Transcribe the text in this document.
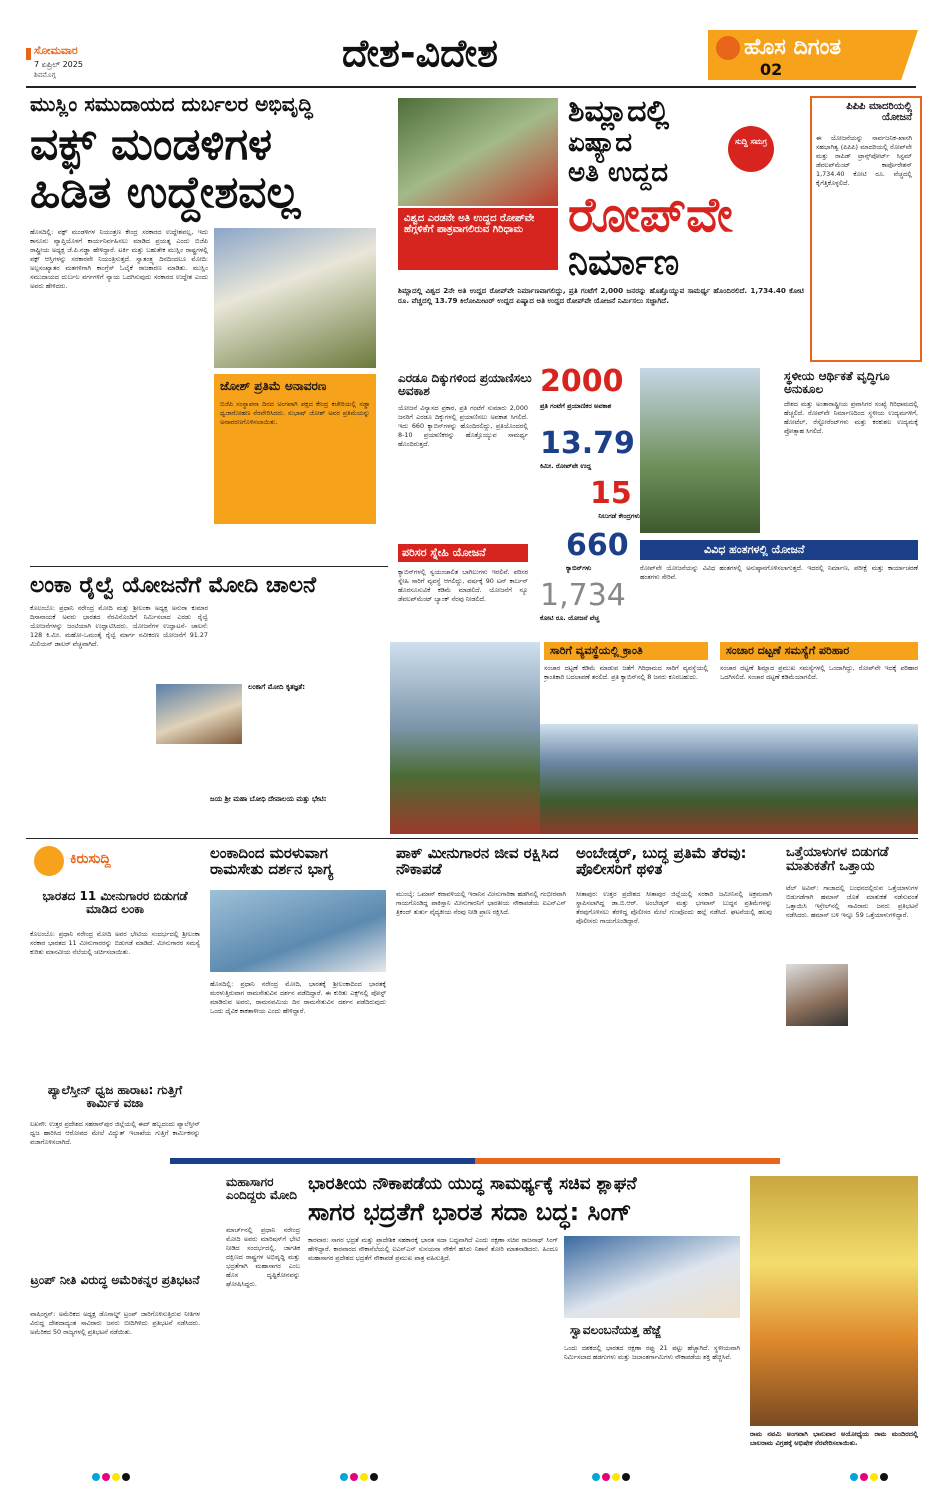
ಸೋಮವಾರ
7 ಏಪ್ರಿಲ್ 2025
ಶಿವಮೊಗ್ಗ	ದೇಶ-ವಿದೇಶ	ಹೊಸ ದಿಗಂತ
02
ಮುಸ್ಲಿಂ ಸಮುದಾಯದ ದುರ್ಬಲರ ಅಭಿವೃದ್ಧಿ
ವಕ್ಫ್ ಮಂಡಳಿಗಳ
ಹಿಡಿತ ಉದ್ದೇಶವಲ್ಲ
ಹೊಸದಿಲ್ಲಿ: ವಕ್ಫ್ ಮಂಡಳಿಗಳ ನಿಯಂತ್ರಣ ಕೇಂದ್ರ ಸರಕಾರದ ಉದ್ದೇಶವಲ್ಲ, ಇದು ಕಾನೂನು ವ್ಯಾಪ್ತಿಯೊಳಗೆ ಕಾರ್ಯನಿರ್ವಹಿಸಲು ಮಾಡಿದ ಪ್ರಯತ್ನ ಎಂದು ಬಿಜೆಪಿ ರಾಷ್ಟ್ರೀಯ ಅಧ್ಯಕ್ಷ ಜೆ.ಪಿ.ನಡ್ಡಾ ಹೇಳಿದ್ದಾರೆ. ಟರ್ಕಿ ಮತ್ತು ಬಹುತೇಕ ಮುಸ್ಲಿಂ ರಾಷ್ಟ್ರಗಳಲ್ಲಿ ವಕ್ಫ್ ಆಸ್ತಿಗಳನ್ನು ಸರಕಾರವೇ ನಿಯಂತ್ರಿಸುತ್ತದೆ. ಸ್ವಾತಂತ್ರ್ಯ ದಿನದಿಂದಲೂ ಮೋದಿ: ಅಲ್ಪಸಂಖ್ಯಾತರ ಮತಗಳಿಗಾಗಿ ಕಾಂಗ್ರೆಸ್ ಓಲೈಕೆ ರಾಜಕಾರಣ ಮಾಡಿತು. ಮುಸ್ಲಿಂ ಸಮುದಾಯದ ದುರ್ಬಲ ವರ್ಗಗಳಿಗೆ ನ್ಯಾಯ ಒದಗಿಸುವುದು ಸರಕಾರದ ಉದ್ದೇಶ ಎಂದು ಅವರು ಹೇಳಿದರು.
ಜೋಶ್ ಪ್ರತಿಮೆ ಅನಾವರಣ
ಬಿಜೆಪಿ ಸಂಸ್ಥಾಪನಾ ದಿನದ ಅಂಗವಾಗಿ ಪಕ್ಷದ ಕೇಂದ್ರ ಕಚೇರಿಯಲ್ಲಿ ನಡ್ಡಾ ಧ್ವಜಾರೋಹಣ ನೆರವೇರಿಸಿದರು. ಸುಭಾಷ್ ಜೋಶ್ ಅವರ ಪ್ರತಿಮೆಯನ್ನು ಅನಾವರಣಗೊಳಿಸಲಾಯಿತು.
ವಿಶ್ವದ ಎರಡನೇ ಅತಿ ಉದ್ದದ ರೋಪ್‌ವೇ ಹೆಗ್ಗಳಿಕೆಗೆ ಪಾತ್ರವಾಗಲಿರುವ ಗಿರಿಧಾಮ
ಶಿಮ್ಲಾದಲ್ಲಿ
ಏಷ್ಯಾದ
ಅತಿ ಉದ್ದದ
ರೋಪ್‌ವೇ
ನಿರ್ಮಾಣ
ಸುದ್ದಿ ಸಮಗ್ರ
ಪಿಪಿಪಿ ಮಾದರಿಯಲ್ಲಿ ಯೋಜನೆ
ಈ ಯೋಜನೆಯನ್ನು ಸಾರ್ವಜನಿಕ-ಖಾಸಗಿ ಸಹಭಾಗಿತ್ವ (ಪಿಪಿಪಿ) ಮಾದರಿಯಲ್ಲಿ ರೋಪ್‌ವೇ ಮತ್ತು ರಾಪಿಡ್ ಟ್ರಾನ್ಸ್‌ಪೋರ್ಟ್ ಸಿಸ್ಟಮ್ ಡೆವಲಪ್‌ಮೆಂಟ್ ಕಾರ್ಪೊರೇಶನ್ 1,734.40 ಕೋಟಿ ರೂ. ವೆಚ್ಚದಲ್ಲಿ ಕೈಗೆತ್ತಿಕೊಳ್ಳಲಿದೆ.
ಶಿಮ್ಲಾದಲ್ಲಿ ವಿಶ್ವದ 2ನೇ ಅತಿ ಉದ್ದದ ರೋಪ್‌ವೇ ನಿರ್ಮಾಣವಾಗಲಿದ್ದು, ಪ್ರತಿ ಗಂಟೆಗೆ 2,000 ಜನರನ್ನು ಹೊತ್ತೊಯ್ಯುವ ಸಾಮರ್ಥ್ಯ ಹೊಂದಿರಲಿದೆ. 1,734.40 ಕೋಟಿ ರೂ. ವೆಚ್ಚದಲ್ಲಿ 13.79 ಕಿಲೋಮೀಟರ್ ಉದ್ದದ ಏಷ್ಯಾದ ಅತಿ ಉದ್ದದ ರೋಪ್‌ವೇ ಯೋಜನೆ ನಿರ್ಮಿಸಲು ಸಜ್ಜಾಗಿದೆ.
ಎರಡೂ ದಿಕ್ಕುಗಳಿಂದ ಪ್ರಯಾಣಿಸಲು ಅವಕಾಶ
ಯೋಜನೆ ವಿನ್ಯಾಸದ ಪ್ರಕಾರ, ಪ್ರತಿ ಗಂಟೆಗೆ ಸುಮಾರು 2,000 ಜನರಿಗೆ ಎರಡೂ ದಿಕ್ಕುಗಳಲ್ಲಿ ಪ್ರಯಾಣಿಸಲು ಅವಕಾಶ ಸಿಗಲಿದೆ. ಇದು 660 ಕ್ಯಾಬಿನ್‌ಗಳನ್ನು ಹೊಂದಿರಲಿದ್ದು, ಪ್ರತಿಯೊಂದರಲ್ಲಿ 8-10 ಪ್ರಯಾಣಿಕರನ್ನು ಹೊತ್ತೊಯ್ಯುವ ಸಾಮರ್ಥ್ಯ ಹೊಂದಿರುತ್ತದೆ.
2000
ಪ್ರತಿ ಗಂಟೆಗೆ ಪ್ರಯಾಣಿಕರ ಅವಕಾಶ
13.79
ಕಿಮೀ. ರೋಪ್‌ವೇ ಉದ್ದ
15
ನಿಲುಗಡೆ ಕೇಂದ್ರಗಳು
ಸ್ಥಳೀಯ ಆರ್ಥಿಕತೆ ವೃದ್ಧಿಗೂ ಅನುಕೂಲ
ದೇಶದ ಮತ್ತು ಅಂತಾರಾಷ್ಟ್ರೀಯ ಪ್ರವಾಸಿಗರ ಸಂಖ್ಯೆ ಗಿರಿಧಾಮದಲ್ಲಿ ಹೆಚ್ಚಲಿದೆ. ರೋಪ್‌ವೇ ನಿರ್ಮಾಣದಿಂದ ಸ್ಥಳೀಯ ಉದ್ಯಮಗಳಿಗೆ, ಹೋಟೆಲ್, ರೆಸ್ಟೋರೆಂಟ್‌ಗಳು ಮತ್ತು ಕರಕುಶಲ ಉದ್ಯಮಕ್ಕೆ ಪ್ರೋತ್ಸಾಹ ಸಿಗಲಿದೆ.
ಪರಿಸರ ಸ್ನೇಹಿ ಯೋಜನೆ
ಕ್ಯಾಬಿನ್‌ಗಳಲ್ಲಿ ಸ್ವಯಂಚಾಲಿತ ಬಾಗಿಲುಗಳು ಇರಲಿವೆ. ಪರಿಸರ ಸ್ನೇಹಿ ಸಾರಿಗೆ ವ್ಯವಸ್ಥೆ ಆಗಲಿದ್ದು, ವರ್ಷಕ್ಕೆ 90 ಟನ್ ಕಾರ್ಬನ್ ಹೊರಸೂಸುವಿಕೆ ಕಡಿಮೆ ಮಾಡಲಿದೆ. ಯೋಜನೆಗೆ ನ್ಯೂ ಡೆವಲಪ್‌ಮೆಂಟ್ ಬ್ಯಾಂಕ್ ನೆರವು ನೀಡಲಿದೆ.
660
ಕ್ಯಾಬಿನ್‌ಗಳು
1,734
ಕೋಟಿ ರೂ. ಯೋಜನೆ ವೆಚ್ಚ
ವಿವಿಧ ಹಂತಗಳಲ್ಲಿ ಯೋಜನೆ
ರೋಪ್‌ವೇ ಯೋಜನೆಯನ್ನು ವಿವಿಧ ಹಂತಗಳಲ್ಲಿ ಅನುಷ್ಠಾನಗೊಳಿಸಲಾಗುತ್ತದೆ. ಇದರಲ್ಲಿ ನಿರ್ಮಾಣ, ಪರೀಕ್ಷೆ ಮತ್ತು ಕಾರ್ಯಾಚರಣೆ ಹಂತಗಳು ಸೇರಿವೆ.
ಸಾರಿಗೆ ವ್ಯವಸ್ಥೆಯಲ್ಲಿ ಕ್ರಾಂತಿ
ಸಂಚಾರ ದಟ್ಟಣೆ ಕಡಿಮೆ ಮಾಡುವ ಜತೆಗೆ ಗಿರಿಧಾಮದ ಸಾರಿಗೆ ವ್ಯವಸ್ಥೆಯಲ್ಲಿ ಕ್ರಾಂತಿಕಾರಿ ಬದಲಾವಣೆ ತರಲಿದೆ. ಪ್ರತಿ ಕ್ಯಾಬಿನ್‌ನಲ್ಲಿ 8 ಜನರು ಕೂರಬಹುದು.
ಸಂಚಾರ ದಟ್ಟಣೆ ಸಮಸ್ಯೆಗೆ ಪರಿಹಾರ
ಸಂಚಾರ ದಟ್ಟಣೆ ಶಿಮ್ಲಾದ ಪ್ರಮುಖ ಸಮಸ್ಯೆಗಳಲ್ಲಿ ಒಂದಾಗಿದ್ದು, ರೋಪ್‌ವೇ ಇದಕ್ಕೆ ಪರಿಹಾರ ಒದಗಿಸಲಿದೆ. ಸಂಚಾರ ದಟ್ಟಣೆ ಕಡಿಮೆಯಾಗಲಿದೆ.
ಲಂಕಾ ರೈಲ್ವೆ ಯೋಜನೆಗೆ ಮೋದಿ ಚಾಲನೆ
ಕೊಲಂಬೊ: ಪ್ರಧಾನಿ ನರೇಂದ್ರ ಮೋದಿ ಮತ್ತು ಶ್ರೀಲಂಕಾ ಅಧ್ಯಕ್ಷ ಅನುರಾ ಕುಮಾರ ದಿಸಾನಾಯಕೆ ಅವರು ಭಾರತದ ನೆರವಿನೊಂದಿಗೆ ನಿರ್ಮಿಸಲಾದ ಎರಡು ರೈಲ್ವೆ ಯೋಜನೆಗಳನ್ನು ಜಂಟಿಯಾಗಿ ಉದ್ಘಾಟಿಸಿದರು. ಯೋಜನೆಗಳ ಉದ್ಘಾಟನೆ- ಚಾಲನೆ: 128 ಕಿ.ಮೀ. ಮಹೋ-ಒಮಂತೈ ರೈಲ್ವೆ ಮಾರ್ಗ ನವೀಕರಣ ಯೋಜನೆಗೆ 91.27 ಮಿಲಿಯನ್ ಡಾಲರ್ ವೆಚ್ಚವಾಗಿದೆ.
ಲಂಕಾಗೆ ಮೋದಿ ಕೃತಜ್ಞತೆ:
ಜಯ ಶ್ರೀ ಮಹಾ ಬೋಧಿ ದೇವಾಲಯ ಮತ್ತು ಭೇಟಿ:
ಕಿರುಸುದ್ದಿ
ಭಾರತದ 11 ಮೀನುಗಾರರ ಬಿಡುಗಡೆ ಮಾಡಿದ ಲಂಕಾ
ಕೊಲಂಬೊ: ಪ್ರಧಾನಿ ನರೇಂದ್ರ ಮೋದಿ ಅವರ ಭೇಟಿಯ ಸಂದರ್ಭದಲ್ಲಿ ಶ್ರೀಲಂಕಾ ಸರಕಾರ ಭಾರತದ 11 ಮೀನುಗಾರರನ್ನು ಬಿಡುಗಡೆ ಮಾಡಿದೆ. ಮೀನುಗಾರರ ಸಮಸ್ಯೆ ಕುರಿತು ಮಾನವೀಯ ನೆಲೆಯಲ್ಲಿ ಚರ್ಚಿಸಲಾಯಿತು.
ಪ್ಯಾಲೆಸ್ತೀನ್ ಧ್ವಜ ಹಾರಾಟ: ಗುತ್ತಿಗೆ ಕಾರ್ಮಿಕ ವಜಾ
ಲಖನೌ: ಉತ್ತರ ಪ್ರದೇಶದ ಸಹರಾನ್‌ಪುರ ಜಿಲ್ಲೆಯಲ್ಲಿ ಈದ್ ಹಬ್ಬದಂದು ಪ್ಯಾಲೆಸ್ತೀನ್ ಧ್ವಜ ಹಾರಿಸಿದ ಆರೋಪದ ಮೇಲೆ ವಿದ್ಯುತ್ ಇಲಾಖೆಯ ಗುತ್ತಿಗೆ ಕಾರ್ಮಿಕನನ್ನು ವಜಾಗೊಳಿಸಲಾಗಿದೆ.
ಟ್ರಂಪ್ ನೀತಿ ವಿರುದ್ಧ ಅಮೆರಿಕನ್ನರ ಪ್ರತಿಭಟನೆ
ವಾಷಿಂಗ್ಟನ್: ಅಮೆರಿಕದ ಅಧ್ಯಕ್ಷ ಡೊನಾಲ್ಡ್ ಟ್ರಂಪ್ ಜಾರಿಗೊಳಿಸುತ್ತಿರುವ ನೀತಿಗಳ ವಿರುದ್ಧ ದೇಶದಾದ್ಯಂತ ಸಾವಿರಾರು ಜನರು ಬೀದಿಗಿಳಿದು ಪ್ರತಿಭಟನೆ ನಡೆಸಿದರು. ಅಮೆರಿಕದ 50 ರಾಜ್ಯಗಳಲ್ಲಿ ಪ್ರತಿಭಟನೆ ನಡೆಯಿತು.
ಲಂಕಾದಿಂದ ಮರಳುವಾಗ ರಾಮಸೇತು ದರ್ಶನ ಭಾಗ್ಯ
ಹೊಸದಿಲ್ಲಿ: ಪ್ರಧಾನಿ ನರೇಂದ್ರ ಮೋದಿ, ಭಾರತಕ್ಕೆ ಶ್ರೀಲಂಕಾದಿಂದ ಭಾರತಕ್ಕೆ ಮರಳುತ್ತಿರುವಾಗ ರಾಮಸೇತುವಿನ ದರ್ಶನ ಪಡೆದಿದ್ದಾರೆ. ಈ ಕುರಿತು ಎಕ್ಸ್‌ನಲ್ಲಿ ಪೋಸ್ಟ್ ಮಾಡಿರುವ ಅವರು, ರಾಮನವಮಿಯ ದಿನ ರಾಮಸೇತುವಿನ ದರ್ಶನ ಪಡೆದಿರುವುದು ಒಂದು ದೈವಿಕ ಕಾಕತಾಳೀಯ ಎಂದು ಹೇಳಿದ್ದಾರೆ.
ಪಾಕ್ ಮೀನುಗಾರನ ಜೀವ ರಕ್ಷಿಸಿದ ನೌಕಾಪಡೆ
ಮುಂಬೈ: ಒಮಾನ್ ಕರಾವಳಿಯಲ್ಲಿ ಇರಾನಿನ ಮೀನುಗಾರಿಕಾ ಹಡಗಿನಲ್ಲಿ ಗಂಭೀರವಾಗಿ ಗಾಯಗೊಂಡಿದ್ದ ಪಾಕಿಸ್ತಾನಿ ಮೀನುಗಾರನಿಗೆ ಭಾರತೀಯ ನೌಕಾಪಡೆಯ ಐಎನ್‌ಎಸ್ ತ್ರಿಕಂದ್ ತುರ್ತು ವೈದ್ಯಕೀಯ ನೆರವು ನೀಡಿ ಪ್ರಾಣ ರಕ್ಷಿಸಿದೆ.
ಅಂಬೇಡ್ಕರ್, ಬುದ್ಧ ಪ್ರತಿಮೆ ತೆರವು: ಪೊಲೀಸರಿಗೆ ಥಳಿತ
ಸೀತಾಪುರ: ಉತ್ತರ ಪ್ರದೇಶದ ಸೀತಾಪುರ ಜಿಲ್ಲೆಯಲ್ಲಿ ಸರಕಾರಿ ಜಮೀನಿನಲ್ಲಿ ಅಕ್ರಮವಾಗಿ ಸ್ಥಾಪಿಸಲಾಗಿದ್ದ ಡಾ.ಬಿ.ಆರ್. ಅಂಬೇಡ್ಕರ್ ಮತ್ತು ಭಗವಾನ್ ಬುದ್ಧನ ಪ್ರತಿಮೆಗಳನ್ನು ತೆರವುಗೊಳಿಸಲು ತೆರಳಿದ್ದ ಪೊಲೀಸರ ಮೇಲೆ ಗುಂಪೊಂದು ಹಲ್ಲೆ ನಡೆಸಿದೆ. ಘಟನೆಯಲ್ಲಿ ಹಲವು ಪೊಲೀಸರು ಗಾಯಗೊಂಡಿದ್ದಾರೆ.
ಒತ್ತೆಯಾಳುಗಳ ಬಿಡುಗಡೆ ಮಾತುಕತೆಗೆ ಒತ್ತಾಯ
ಟೆಲ್ ಅವಿವ್: ಗಾಜಾದಲ್ಲಿ ಬಂಧನದಲ್ಲಿರುವ ಒತ್ತೆಯಾಳುಗಳ ಬಿಡುಗಡೆಗಾಗಿ ಹಮಾಸ್ ಜೊತೆ ಮಾತುಕತೆ ನಡೆಸುವಂತೆ ಒತ್ತಾಯಿಸಿ ಇಸ್ರೇಲ್‌ನಲ್ಲಿ ಸಾವಿರಾರು ಜನರು ಪ್ರತಿಭಟನೆ ನಡೆಸಿದರು. ಹಮಾಸ್ ಬಳಿ ಇನ್ನೂ 59 ಒತ್ತೆಯಾಳುಗಳಿದ್ದಾರೆ.
ಮಹಾಸಾಗರ ಎಂದಿದ್ದರು ಮೋದಿ
ಮಾರ್ಚ್‌ನಲ್ಲಿ ಪ್ರಧಾನಿ ನರೇಂದ್ರ ಮೋದಿ ಅವರು ಮಾರಿಷಸ್‌ಗೆ ಭೇಟಿ ನೀಡಿದ ಸಂದರ್ಭದಲ್ಲಿ, ಜಾಗತಿಕ ದಕ್ಷಿಣದ ರಾಷ್ಟ್ರಗಳ ಅಭಿವೃದ್ಧಿ ಮತ್ತು ಭದ್ರತೆಗಾಗಿ ಮಹಾಸಾಗರ ಎಂಬ ಹೊಸ ದೃಷ್ಟಿಕೋನವನ್ನು ಘೋಷಿಸಿದ್ದರು.
ಭಾರತೀಯ ನೌಕಾಪಡೆಯ ಯುದ್ಧ ಸಾಮರ್ಥ್ಯಕ್ಕೆ ಸಚಿವ ಶ್ಲಾಘನೆ
ಸಾಗರ ಭದ್ರತೆಗೆ ಭಾರತ ಸದಾ ಬದ್ಧ: ಸಿಂಗ್
ಕಾರವಾರ: ಸಾಗರ ಭದ್ರತೆ ಮತ್ತು ಪ್ರಾದೇಶಿಕ ಸಹಕಾರಕ್ಕೆ ಭಾರತ ಸದಾ ಬದ್ಧವಾಗಿದೆ ಎಂದು ರಕ್ಷಣಾ ಸಚಿವ ರಾಜನಾಥ್ ಸಿಂಗ್ ಹೇಳಿದ್ದಾರೆ. ಕಾರವಾರದ ನೌಕಾನೆಲೆಯಲ್ಲಿ ಐಎನ್‌ಎಸ್ ಸುನಯನಾ ನೌಕೆಗೆ ಹಸಿರು ನಿಶಾನೆ ತೋರಿ ಮಾತನಾಡಿದರು. ಹಿಂದೂ ಮಹಾಸಾಗರ ಪ್ರದೇಶದ ಭದ್ರತೆಗೆ ನೌಕಾಪಡೆ ಪ್ರಮುಖ ಪಾತ್ರ ವಹಿಸುತ್ತಿದೆ.
ಸ್ವಾವಲಂಬನೆಯತ್ತ ಹೆಜ್ಜೆ
ಒಂದು ದಶಕದಲ್ಲಿ ಭಾರತದ ರಕ್ಷಣಾ ರಫ್ತು 21 ಪಟ್ಟು ಹೆಚ್ಚಾಗಿದೆ. ಸ್ಥಳೀಯವಾಗಿ ನಿರ್ಮಿಸಲಾದ ಹಡಗುಗಳು ಮತ್ತು ಜಲಾಂತರ್ಗಾಮಿಗಳು ನೌಕಾಪಡೆಯ ಶಕ್ತಿ ಹೆಚ್ಚಿಸಿವೆ.
ರಾಮ ನವಮಿ ಅಂಗವಾಗಿ ಭಾನುವಾರ ಅಯೋಧ್ಯೆಯ ರಾಮ ಮಂದಿರದಲ್ಲಿ ಬಾಲರಾಮ ವಿಗ್ರಹಕ್ಕೆ ಅಭಿಷೇಕ ನೆರವೇರಿಸಲಾಯಿತು.
